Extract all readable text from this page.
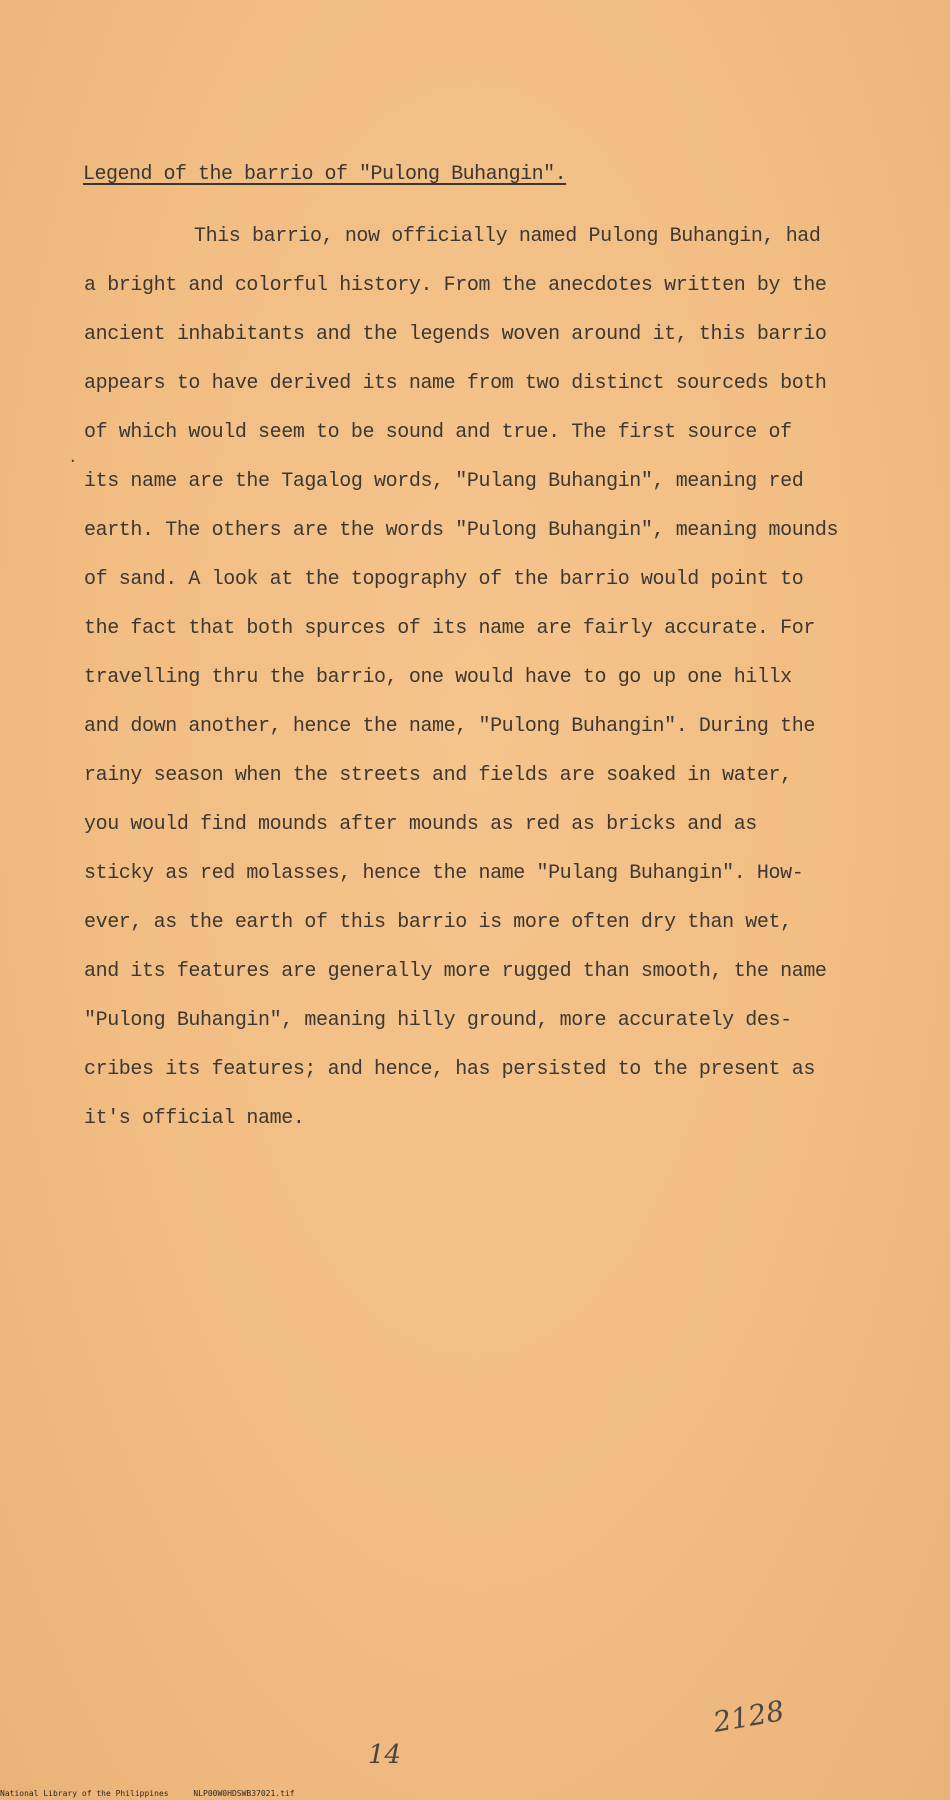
Legend of the barrio of "Pulong Buhangin".
·
This barrio, now officially named Pulong Buhangin, had
a bright and colorful history. From the anecdotes written by the
ancient inhabitants and the legends woven around it, this barrio
appears to have derived its name from two distinct sourceds both
of which would seem to be sound and true. The first source of
its name are the Tagalog words, "Pulang Buhangin", meaning red
earth. The others are the words "Pulong Buhangin", meaning mounds
of sand. A look at the topography of the barrio would point to
the fact that both spurces of its name are fairly accurate. For
travelling thru the barrio, one would have to go up one hillx
and down another, hence the name, "Pulong Buhangin". During the
rainy season when the streets and fields are soaked in water,
you would find mounds after mounds as red as bricks and as
sticky as red molasses, hence the name "Pulang Buhangin". How-
ever, as the earth of this barrio is more often dry than wet,
and its features are generally more rugged than smooth, the name
"Pulong Buhangin", meaning hilly ground, more accurately des-
cribes its features; and hence, has persisted to the present as
it's official name.
2128
14
National Library of the Philippines	NLP00W0HDSWB37021.tif
